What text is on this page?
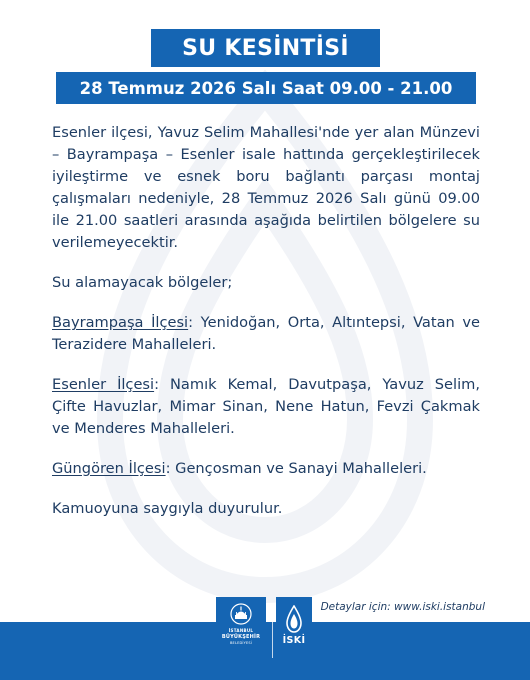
SU KESİNTİSİ
28 Temmuz 2026 Salı Saat 09.00 - 21.00

Esenler ilçesi, Yavuz Selim Mahallesi'nde yer alan Münzevi – Bayrampaşa – Esenler isale hattında gerçekleştirilecek iyileştirme ve esnek boru bağlantı parçası montaj çalışmaları nedeniyle, 28 Temmuz 2026 Salı günü 09.00 ile 21.00 saatleri arasında aşağıda belirtilen bölgelere su verilemeyecektir.

Su alamayacak bölgeler;

Bayrampaşa İlçesi: Yenidoğan, Orta, Altıntepsi, Vatan ve Terazidere Mahalleleri.

Esenler İlçesi: Namık Kemal, Davutpaşa, Yavuz Selim, Çifte Havuzlar, Mimar Sinan, Nene Hatun, Fevzi Çakmak ve Menderes Mahalleleri.

Güngören İlçesi: Gençosman ve Sanayi Mahalleleri.

Kamuoyuna saygıyla duyurulur.

Detaylar için: www.iski.istanbul
İSTANBUL
BÜYÜKŞEHİR
BELEDİYESİ	İSKİ
